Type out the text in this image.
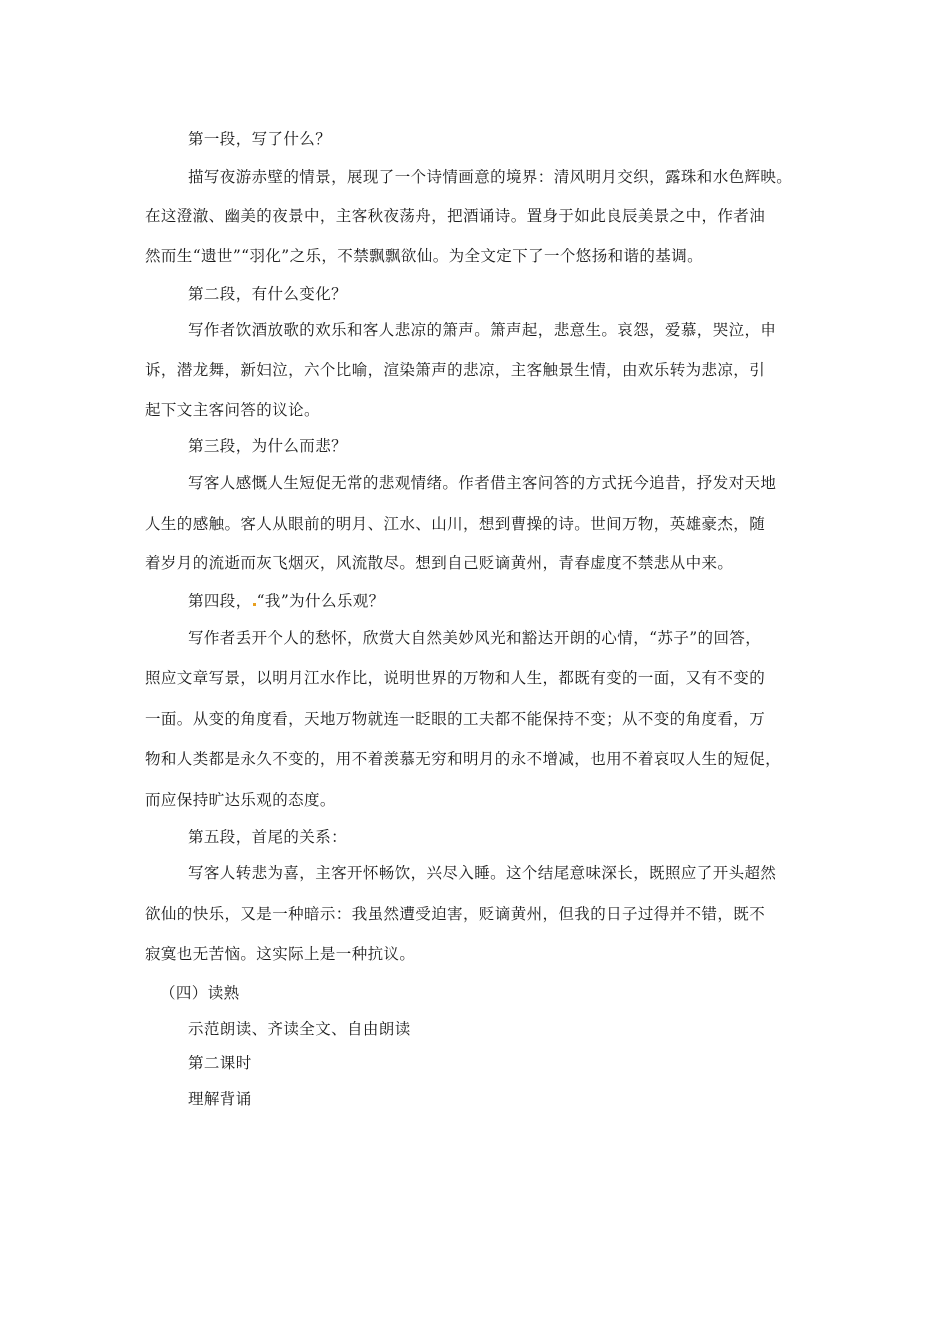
第一段，写了什么？
描写夜游赤壁的情景，展现了一个诗情画意的境界：清风明月交织，露珠和水色辉映。
在这澄澈、幽美的夜景中，主客秋夜荡舟，把酒诵诗。置身于如此良辰美景之中，作者油
然而生“遗世”“羽化”之乐，不禁飘飘欲仙。为全文定下了一个悠扬和谐的基调。
第二段，有什么变化？
写作者饮酒放歌的欢乐和客人悲凉的箫声。箫声起，悲意生。哀怨，爱慕，哭泣，申
诉，潜龙舞，新妇泣，六个比喻，渲染箫声的悲凉，主客触景生情，由欢乐转为悲凉，引
起下文主客问答的议论。
第三段，为什么而悲？
写客人感慨人生短促无常的悲观情绪。作者借主客问答的方式抚今追昔，抒发对天地
人生的感触。客人从眼前的明月、江水、山川，想到曹操的诗。世间万物，英雄豪杰，随
着岁月的流逝而灰飞烟灭，风流散尽。想到自己贬谪黄州，青春虚度不禁悲从中来。
第四段， “我”为什么乐观？
写作者丢开个人的愁怀，欣赏大自然美妙风光和豁达开朗的心情，“苏子”的回答，
照应文章写景，以明月江水作比，说明世界的万物和人生，都既有变的一面，又有不变的
一面。从变的角度看，天地万物就连一眨眼的工夫都不能保持不变；从不变的角度看，万
物和人类都是永久不变的，用不着羡慕无穷和明月的永不增减，也用不着哀叹人生的短促，
而应保持旷达乐观的态度。
第五段，首尾的关系：
写客人转悲为喜，主客开怀畅饮，兴尽入睡。这个结尾意味深长，既照应了开头超然
欲仙的快乐，又是一种暗示：我虽然遭受迫害，贬谪黄州，但我的日子过得并不错，既不
寂寞也无苦恼。这实际上是一种抗议。
（四）读熟
示范朗读、齐读全文、自由朗读
第二课时
理解背诵
